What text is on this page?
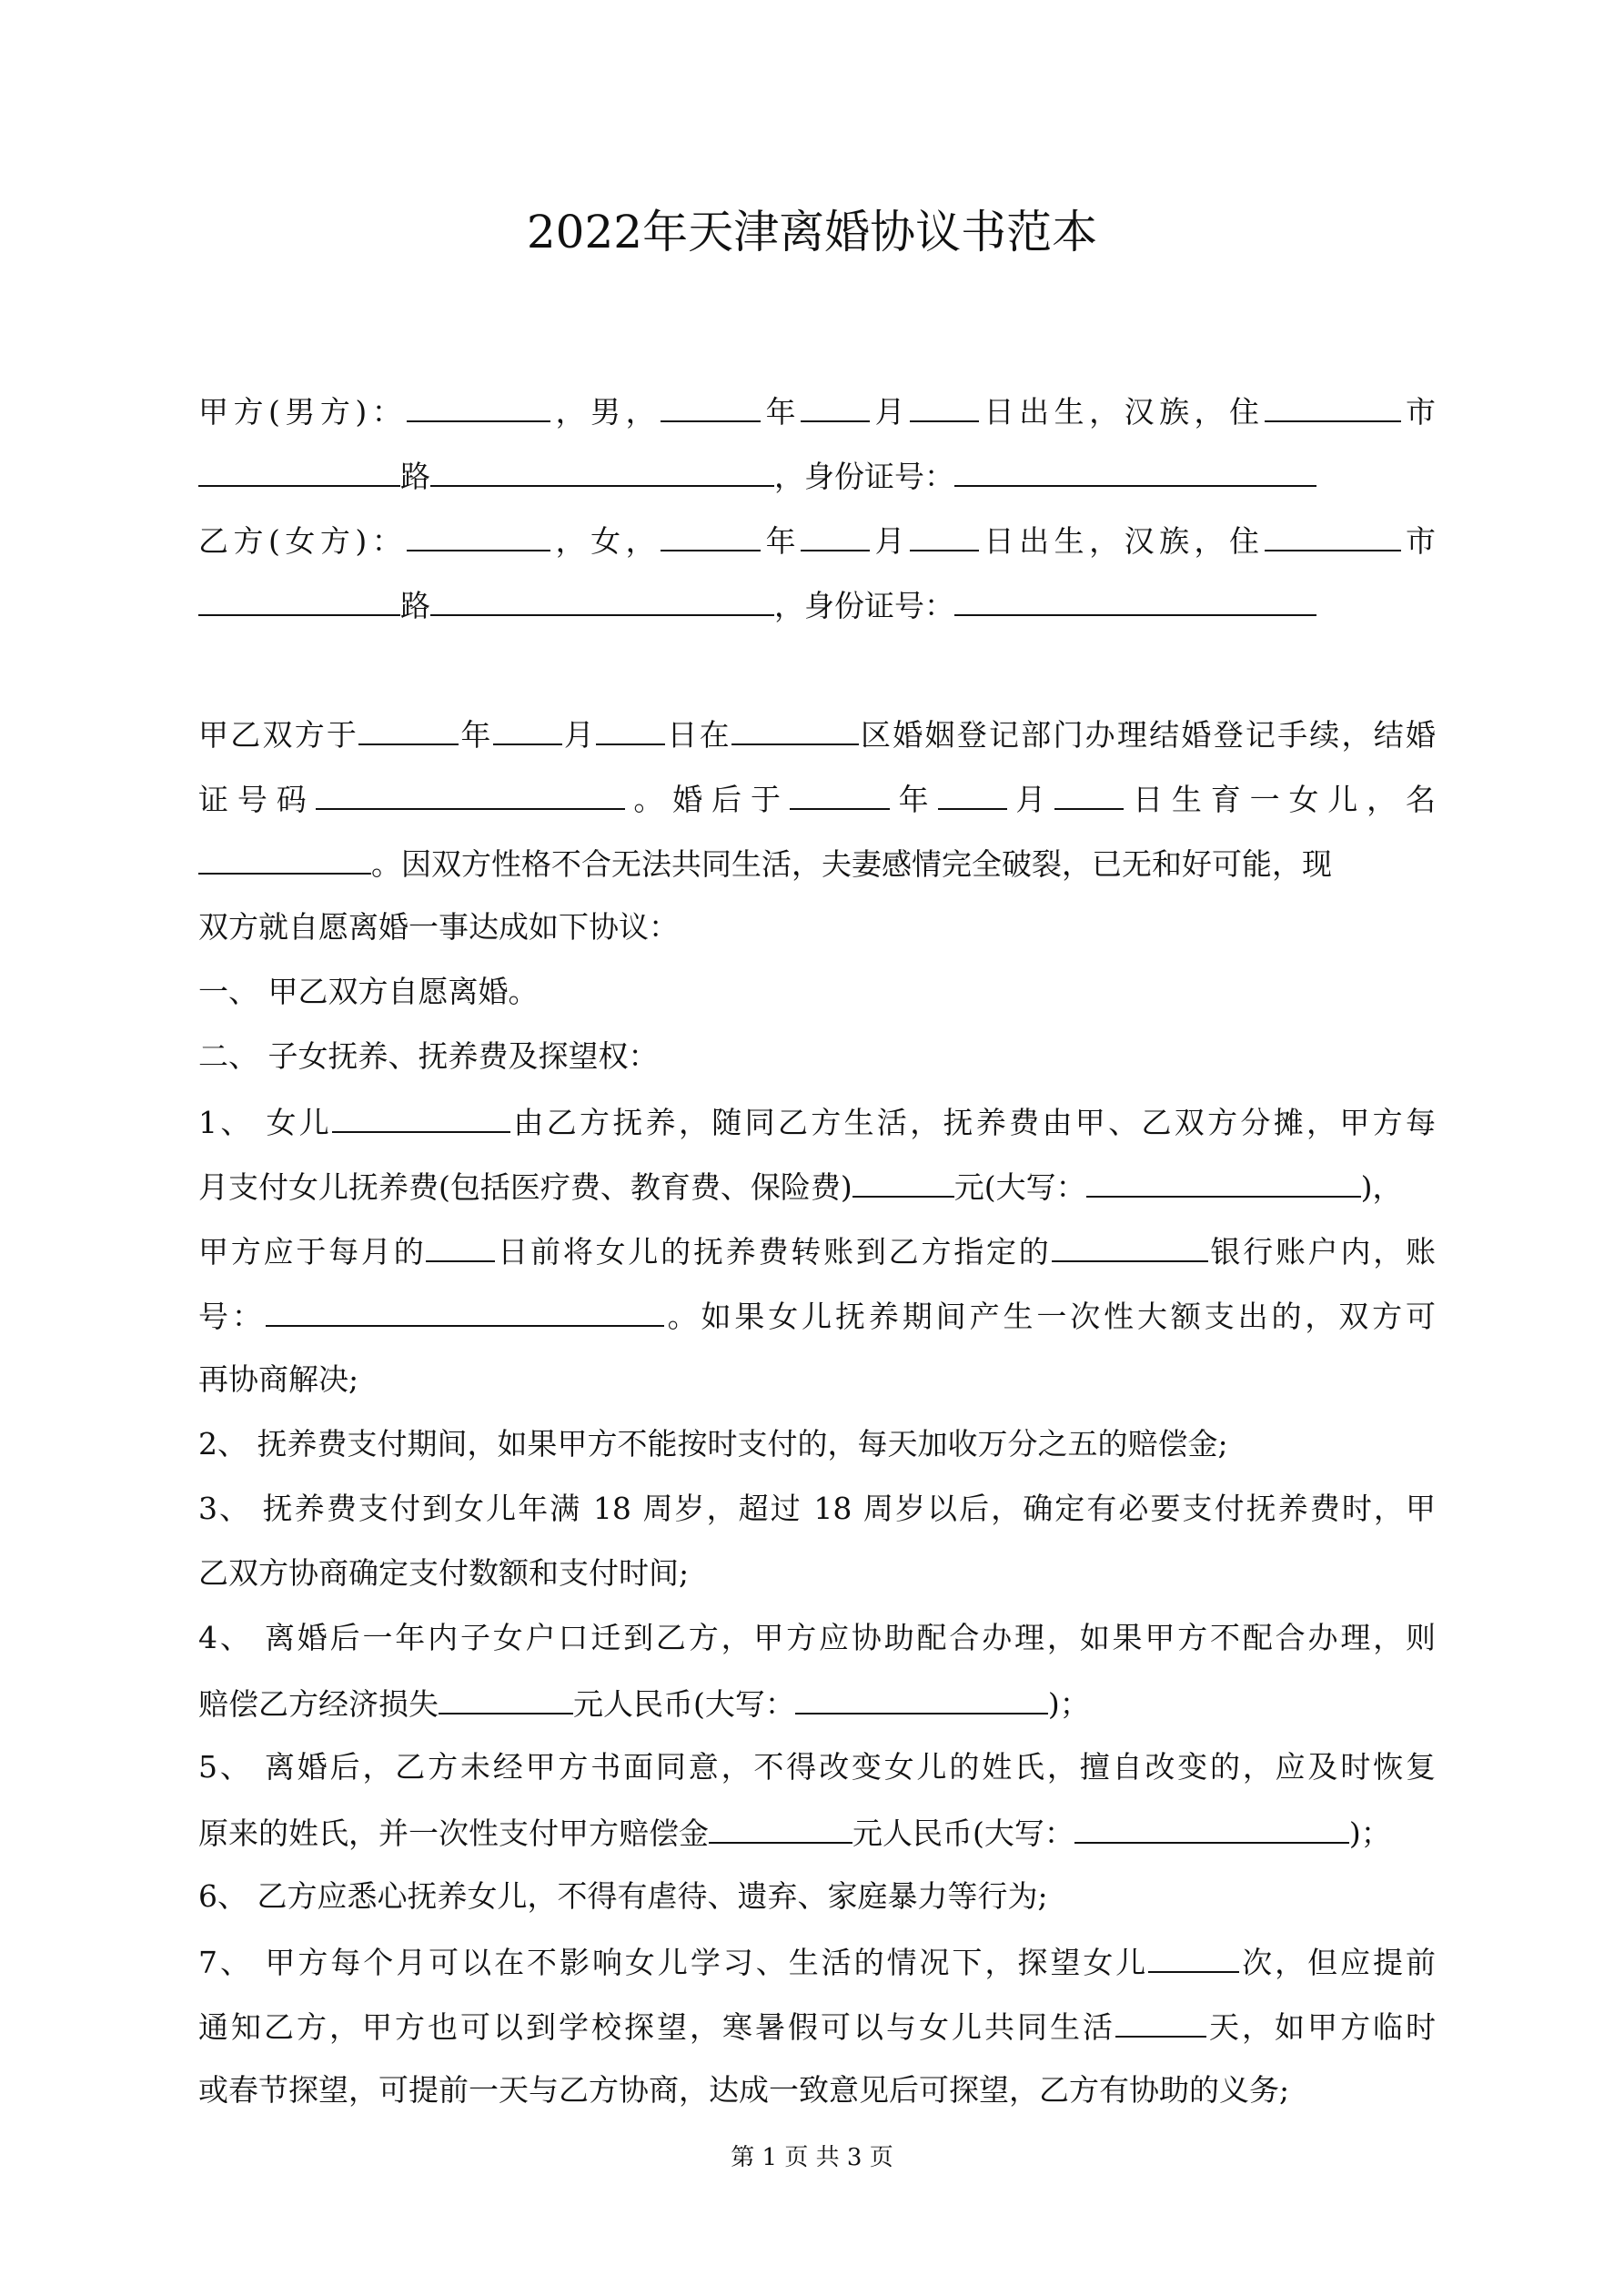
2022年天津离婚协议书范本
甲方(男方)：	，男，	年 月 日出生，汉族，住	市
路	，身份证号：
乙方(女方)：	，女，	年 月 日出生，汉族，住	市
路	，身份证号：
甲乙双方于	年 月 日在	区婚姻登记部门办理结婚登记手续，结婚
证号码	。婚后于	年 月 日生育一女儿，名
。因双方性格不合无法共同生活，夫妻感情完全破裂，已无和好可能，现
双方就自愿离婚一事达成如下协议：
一、 甲乙双方自愿离婚。
二、 子女抚养、抚养费及探望权：
1、 女儿	由乙方抚养，随同乙方生活，抚养费由甲、乙双方分摊，甲方每
月支付女儿抚养费(包括医疗费、教育费、保险费)	元(大写：	)，
甲方应于每月的 日前将女儿的抚养费转账到乙方指定的	银行账户内，账
号：	。如果女儿抚养期间产生一次性大额支出的，双方可
再协商解决;
2、 抚养费支付期间，如果甲方不能按时支付的，每天加收万分之五的赔偿金;
3、 抚养费支付到女儿年满 18 周岁，超过 18 周岁以后，确定有必要支付抚养费时，甲
乙双方协商确定支付数额和支付时间;
4、 离婚后一年内子女户口迁到乙方，甲方应协助配合办理，如果甲方不配合办理，则
赔偿乙方经济损失	元人民币(大写：	)；
5、 离婚后，乙方未经甲方书面同意，不得改变女儿的姓氏，擅自改变的，应及时恢复
原来的姓氏，并一次性支付甲方赔偿金	元人民币(大写：	)；
6、 乙方应悉心抚养女儿，不得有虐待、遗弃、家庭暴力等行为;
7、 甲方每个月可以在不影响女儿学习、生活的情况下，探望女儿	次，但应提前
通知乙方，甲方也可以到学校探望，寒暑假可以与女儿共同生活	天，如甲方临时
或春节探望，可提前一天与乙方协商，达成一致意见后可探望，乙方有协助的义务;
第 1 页 共 3 页
